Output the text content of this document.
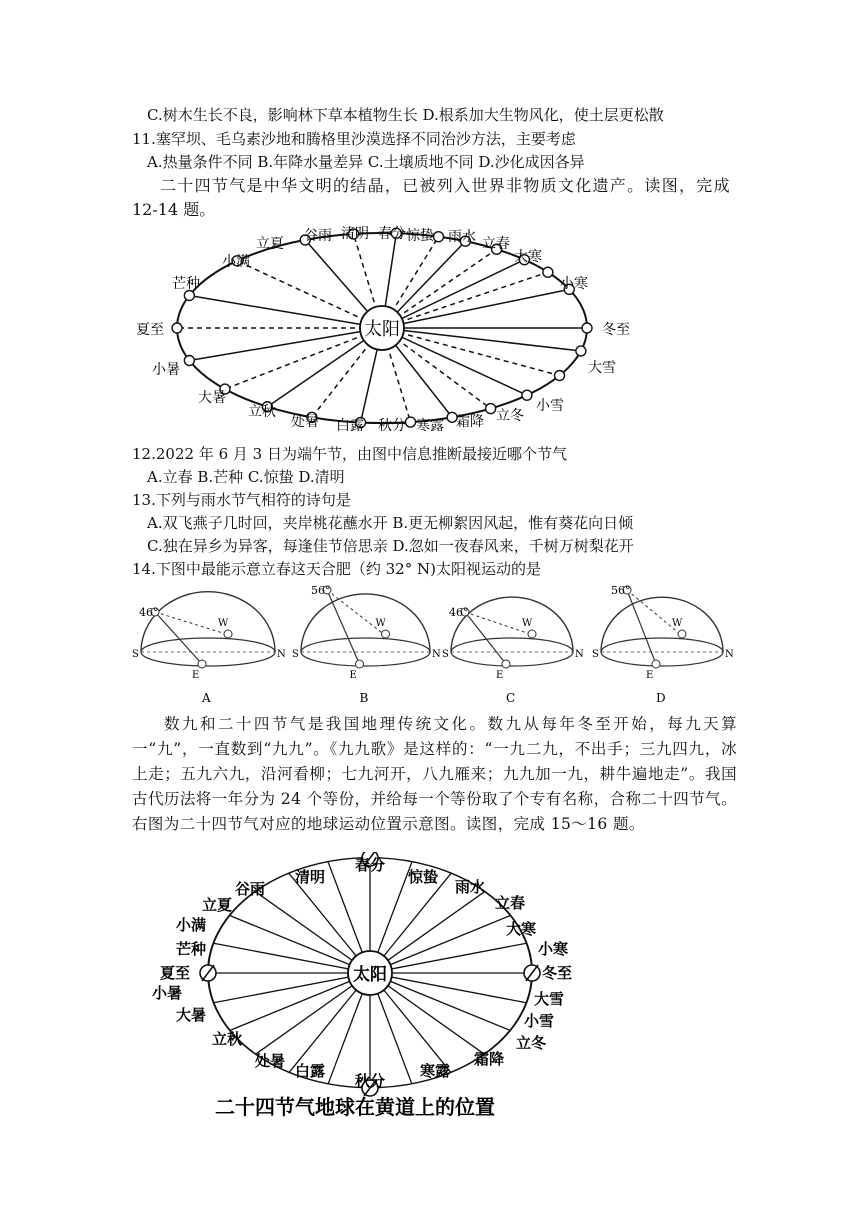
C.树木生长不良，影响林下草本植物生长 D.根系加大生物风化，使土层更松散
11.塞罕坝、毛乌素沙地和腾格里沙漠选择不同治沙方法，主要考虑
A.热量条件不同 B.年降水量差异 C.土壤质地不同 D.沙化成因各异
二十四节气是中华文明的结晶，已被列入世界非物质文化遗产。读图，完成
12-14 题。
太阳
立夏 谷雨 清明 春分 惊蛰 雨水 立春
大寒
小寒
冬至
大雪
小雪
立冬
霜降
寒露
秋分
白露
处暑
立秋
大暑
小暑
夏至
芒种
小满
12.2022 年 6 月 3 日为端午节，由图中信息推断最接近哪个节气
A.立春 B.芒种 C.惊蛰 D.清明
13.下列与雨水节气相符的诗句是
A.双飞燕子几时回，夹岸桃花蘸水开 B.更无柳絮因风起，惟有葵花向日倾
C.独在异乡为异客，每逢佳节倍思亲 D.忽如一夜春风来，千树万树梨花开
14.下图中最能示意立春这天合肥（约 32° N)太阳视运动的是
46°
S	N
W
E
A
56°
S	N
W
E
B
46°
S	N
W
E
C
56°
S	N
W
E
D
数九和二十四节气是我国地理传统文化。数九从每年冬至开始，每九天算一“九”，一直数到“九九”。《九九歌》是这样的：“一九二九，不出手；三九四九，冰上走；五九六九，沿河看柳；七九河开，八九雁来；九九加一九，耕牛遍地走”。我国古代历法将一年分为 24 个等份，并给每一个等份取了个专有名称，合称二十四节气。右图为二十四节气对应的地球运动位置示意图。读图，完成 15～16 题。
太阳
春分
惊蛰
雨水
立春
大寒
小寒
冬至
大雪
小雪
立冬
霜降
寒露
秋分
白露
处暑
立秋
大暑
小暑
夏至
芒种
小满
立夏
谷雨
清明
二十四节气地球在黄道上的位置
